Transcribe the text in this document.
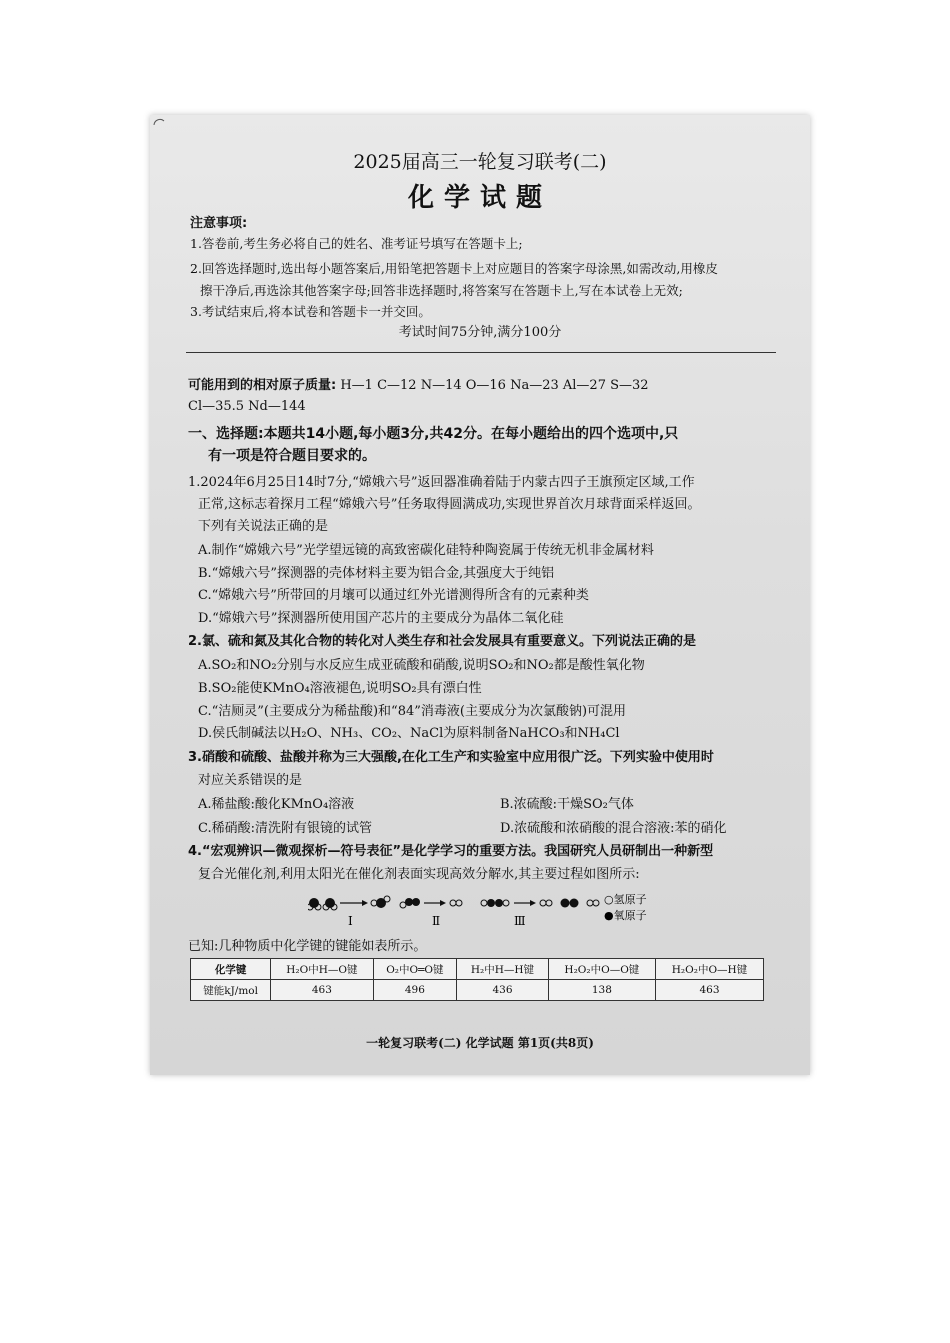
2025届高三一轮复习联考(二)
化学试题
注意事项:
1.答卷前,考生务必将自己的姓名、准考证号填写在答题卡上;
2.回答选择题时,选出每小题答案后,用铅笔把答题卡上对应题目的答案字母涂黑,如需改动,用橡皮
擦干净后,再选涂其他答案字母;回答非选择题时,将答案写在答题卡上,写在本试卷上无效;
3.考试结束后,将本试卷和答题卡一并交回。
考试时间75分钟,满分100分
可能用到的相对原子质量: H—1 C—12 N—14 O—16 Na—23 Al—27 S—32
Cl—35.5 Nd—144
一、选择题:本题共14小题,每小题3分,共42分。在每小题给出的四个选项中,只
有一项是符合题目要求的。
1.2024年6月25日14时7分,“嫦娥六号”返回器准确着陆于内蒙古四子王旗预定区域,工作
正常,这标志着探月工程“嫦娥六号”任务取得圆满成功,实现世界首次月球背面采样返回。
下列有关说法正确的是
A.制作“嫦娥六号”光学望远镜的高致密碳化硅特种陶瓷属于传统无机非金属材料
B.“嫦娥六号”探测器的壳体材料主要为铝合金,其强度大于纯铝
C.“嫦娥六号”所带回的月壤可以通过红外光谱测得所含有的元素种类
D.“嫦娥六号”探测器所使用国产芯片的主要成分为晶体二氧化硅
2.氯、硫和氮及其化合物的转化对人类生存和社会发展具有重要意义。下列说法正确的是
A.SO₂和NO₂分别与水反应生成亚硫酸和硝酸,说明SO₂和NO₂都是酸性氧化物
B.SO₂能使KMnO₄溶液褪色,说明SO₂具有漂白性
C.“洁厕灵”(主要成分为稀盐酸)和“84”消毒液(主要成分为次氯酸钠)可混用
D.侯氏制碱法以H₂O、NH₃、CO₂、NaCl为原料制备NaHCO₃和NH₄Cl
3.硝酸和硫酸、盐酸并称为三大强酸,在化工生产和实验室中应用很广泛。下列实验中使用时
对应关系错误的是
A.稀盐酸:酸化KMnO₄溶液	B.浓硫酸:干燥SO₂气体
C.稀硝酸:清洗附有银镜的试管	D.浓硫酸和浓硝酸的混合溶液:苯的硝化
4.“宏观辨识—微观探析—符号表征”是化学学习的重要方法。我国研究人员研制出一种新型
复合光催化剂,利用太阳光在催化剂表面实现高效分解水,其主要过程如图所示:
Ⅰ	Ⅱ	Ⅲ
○氢原子
●氧原子
已知:几种物质中化学键的键能如表所示。
化学键	H₂O中H—O键	O₂中O═O键	H₂中H—H键	H₂O₂中O—O键	H₂O₂中O—H键
键能kJ/mol	463	496	436	138	463
一轮复习联考(二) 化学试题 第1页(共8页)
